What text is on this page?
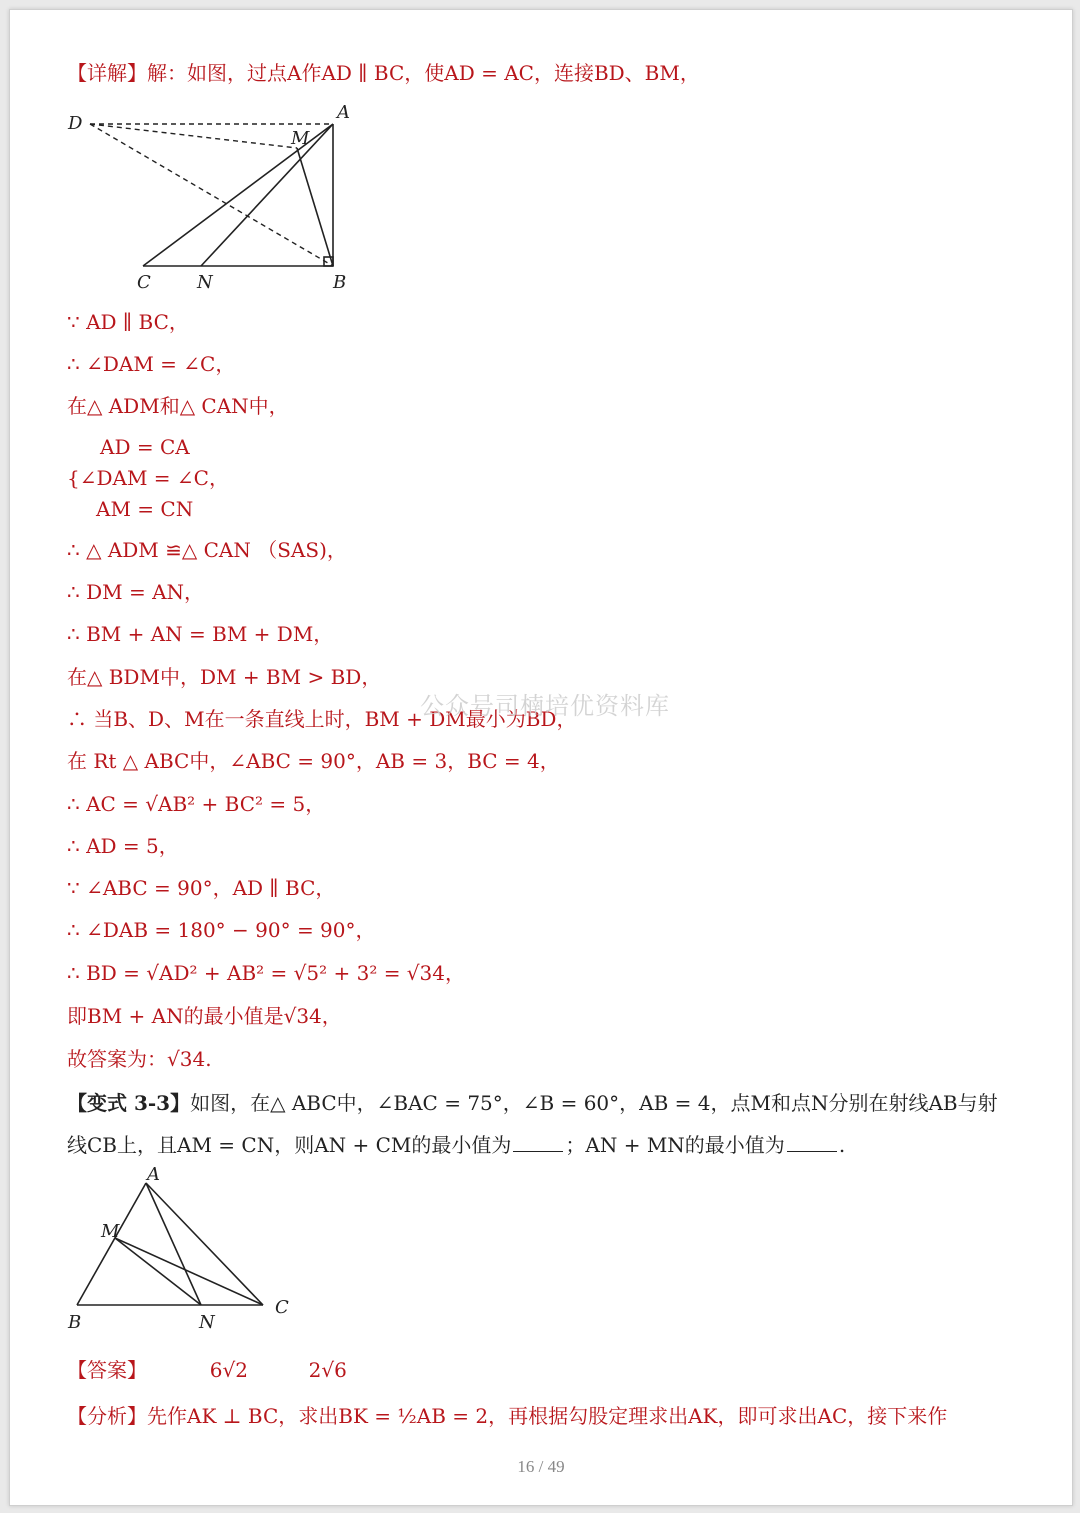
【详解】解：如图，过点A作AD ∥ BC，使AD = AC，连接BD、BM，
D
A
M
C	N	B
∵ AD ∥ BC，
∴ ∠DAM = ∠C，
在△ ADM和△ CAN中，
AD = CA
{∠DAM = ∠C，
AM = CN
∴ △ ADM ≌△ CAN （SAS)，
∴ DM = AN，
∴ BM + AN = BM + DM，
在△ BDM中，DM + BM > BD，
∴ 当B、D、M在一条直线上时，BM + DM最小为BD，
在 Rt △ ABC中，∠ABC = 90°，AB = 3，BC = 4，
∴ AC = √AB² + BC² = 5，
∴ AD = 5，
∵ ∠ABC = 90°，AD ∥ BC，
∴ ∠DAB = 180° − 90° = 90°，
∴ BD = √AD² + AB² = √5² + 3² = √34，
即BM + AN的最小值是√34，
故答案为：√34.
公众号司楠培优资料库
【变式 3-3】如图，在△ ABC中，∠BAC = 75°，∠B = 60°，AB = 4，点M和点N分别在射线AB与射
线CB上，且AM = CN，则AN + CM的最小值为	；AN + MN的最小值为	.
A
M
B	N
C
【答案】	6√2	2√6
【分析】先作AK ⊥ BC，求出BK = ½AB = 2，再根据勾股定理求出AK，即可求出AC，接下来作
16 / 49
